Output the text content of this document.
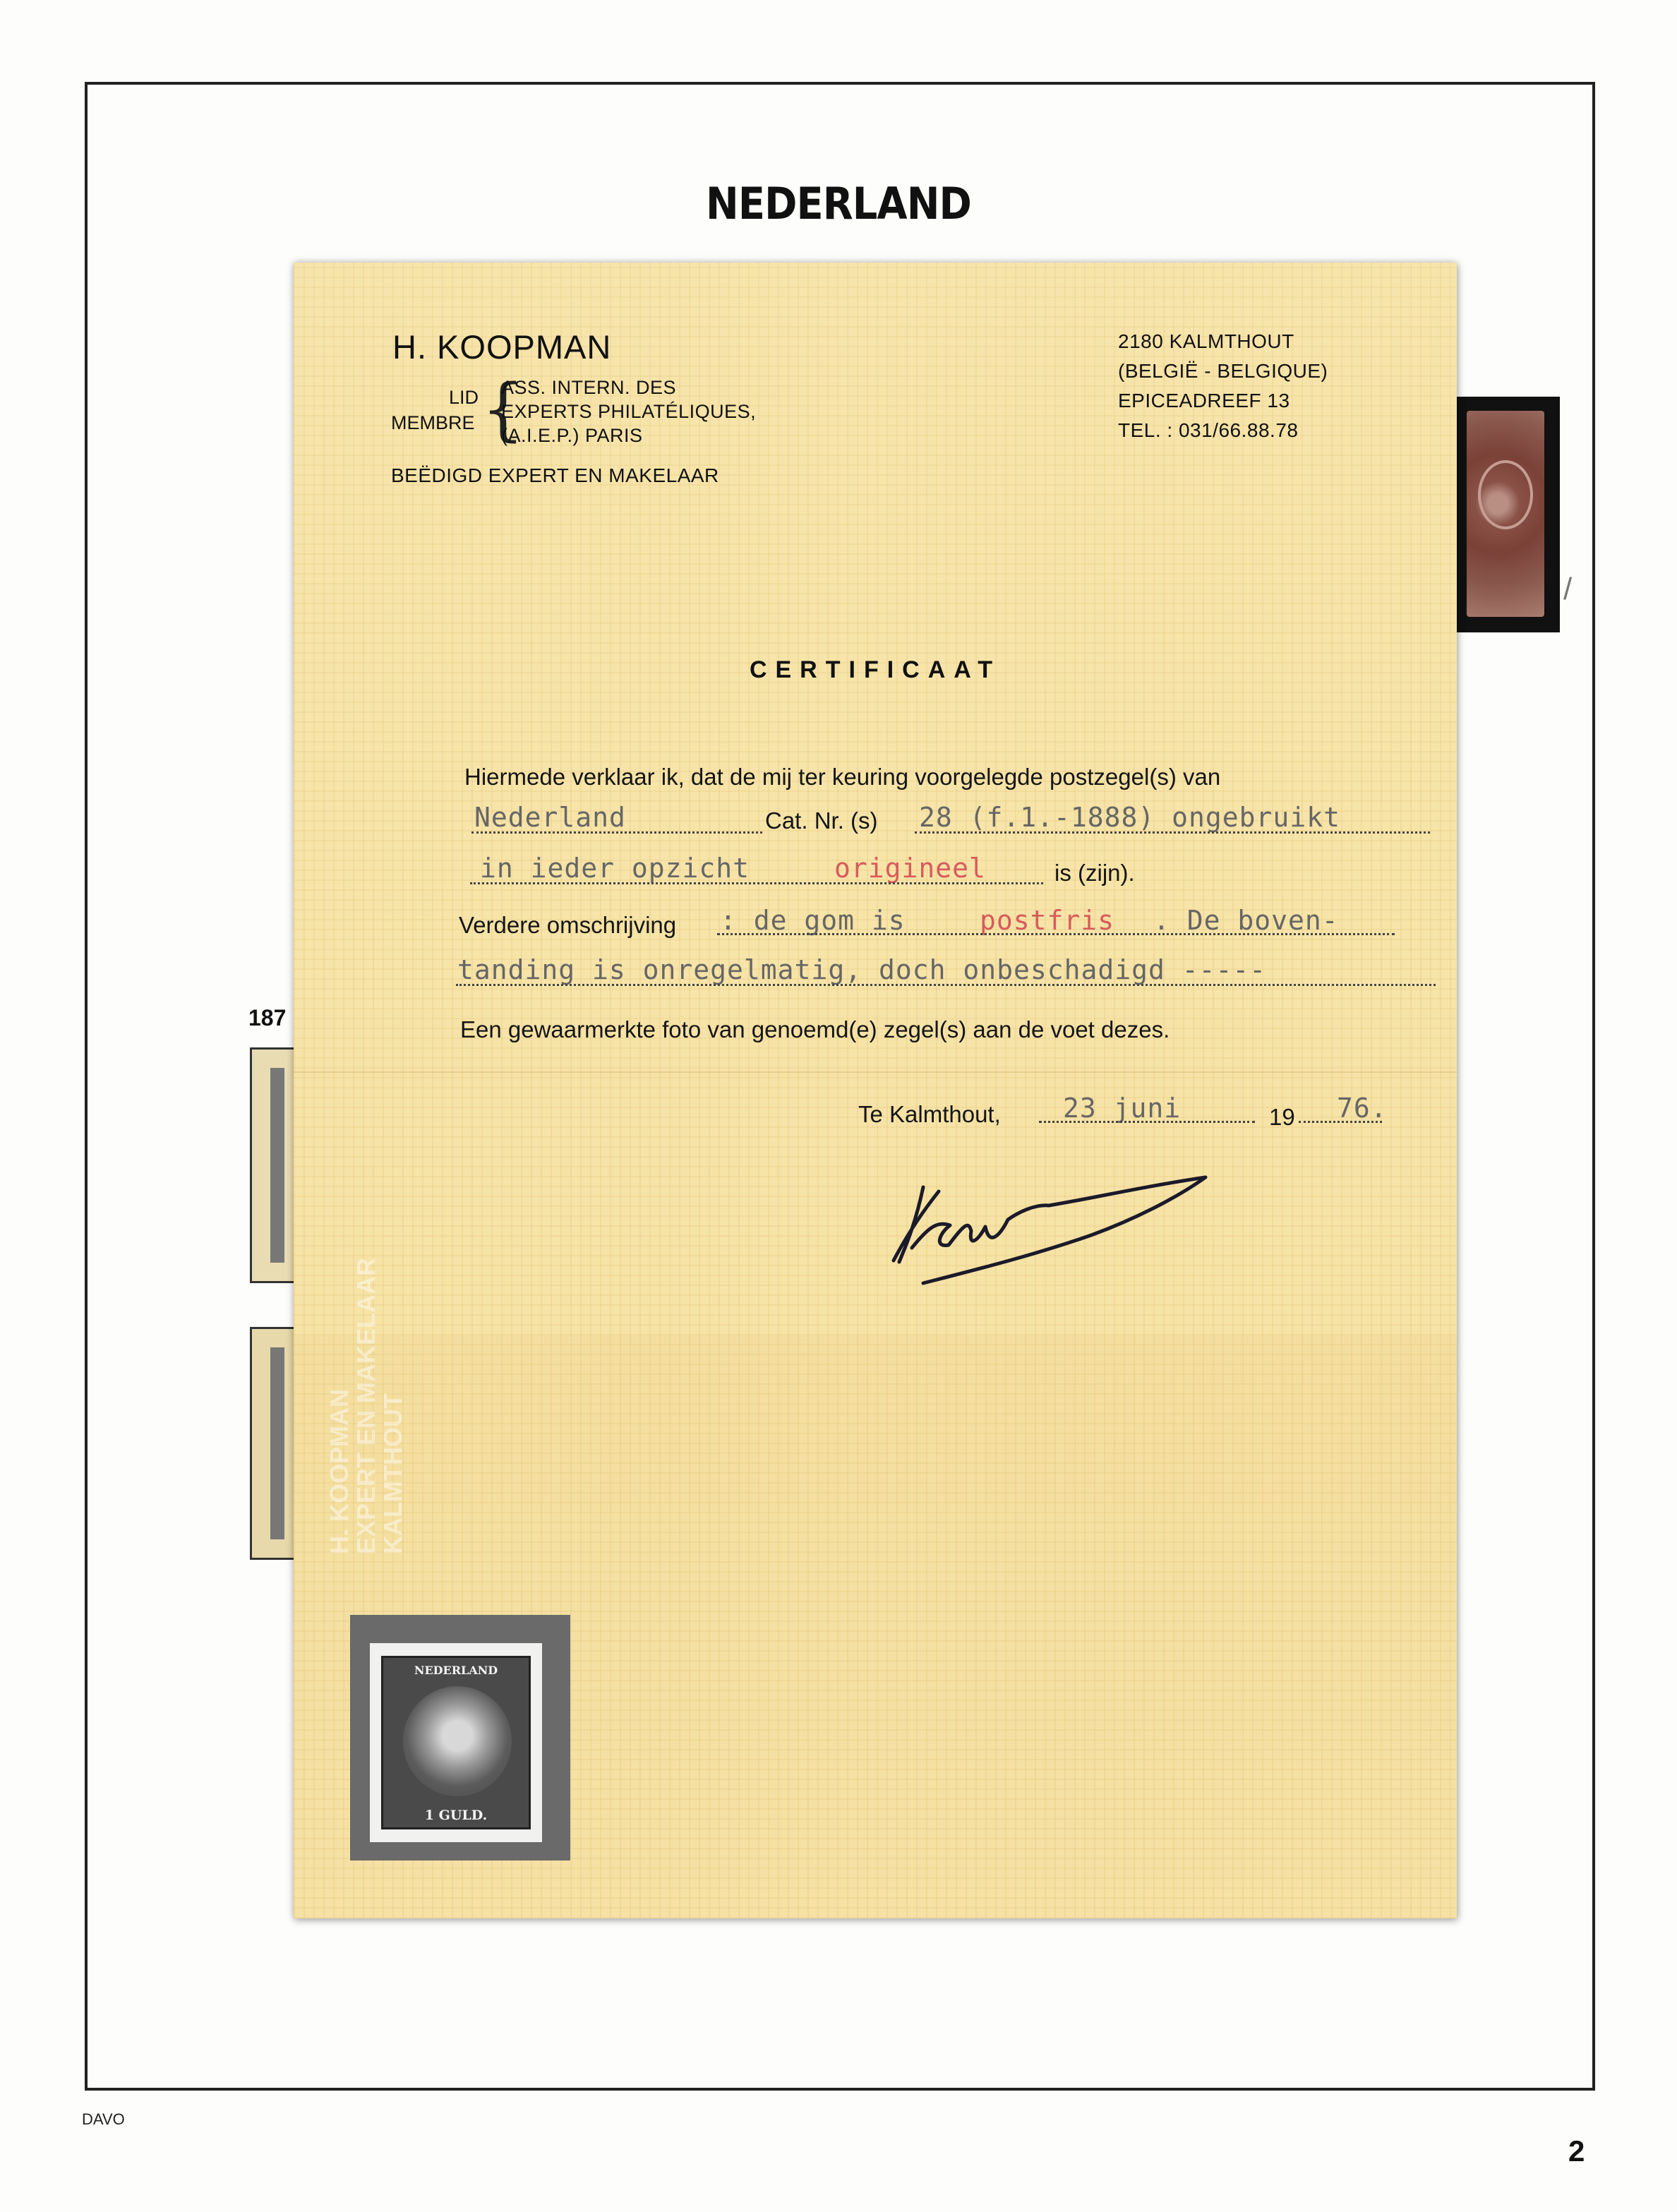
NEDERLAND
/
187
H. KOOPMAN
LID
MEMBRE {
ASS. INTERN. DES
EXPERTS PHILATÉLIQUES,
(A.I.E.P.) PARIS
BEËDIGD EXPERT EN MAKELAAR
2180 KALMTHOUT
(BELGIË - BELGIQUE)
EPICEADREEF 13
TEL. : 031/66.88.78
CERTIFICAAT
Hiermede verklaar ik, dat de mij ter keuring voorgelegde postzegel(s) van
Nederland	Cat. Nr. (s) 28 (f.1.-1888) ongebruikt
in ieder opzicht	origineel	is (zijn).
Verdere omschrijving : de gom is	postfris . De boven-
tanding is onregelmatig, doch onbeschadigd -----
Een gewaarmerkte foto van genoemd(e) zegel(s) aan de voet dezes.
Te Kalmthout, 23 juni	19 76.
NEDERLAND
1 GULD.
H. KOOPMAN
EXPERT EN MAKELAAR
KALMTHOUT
DAVO
2
